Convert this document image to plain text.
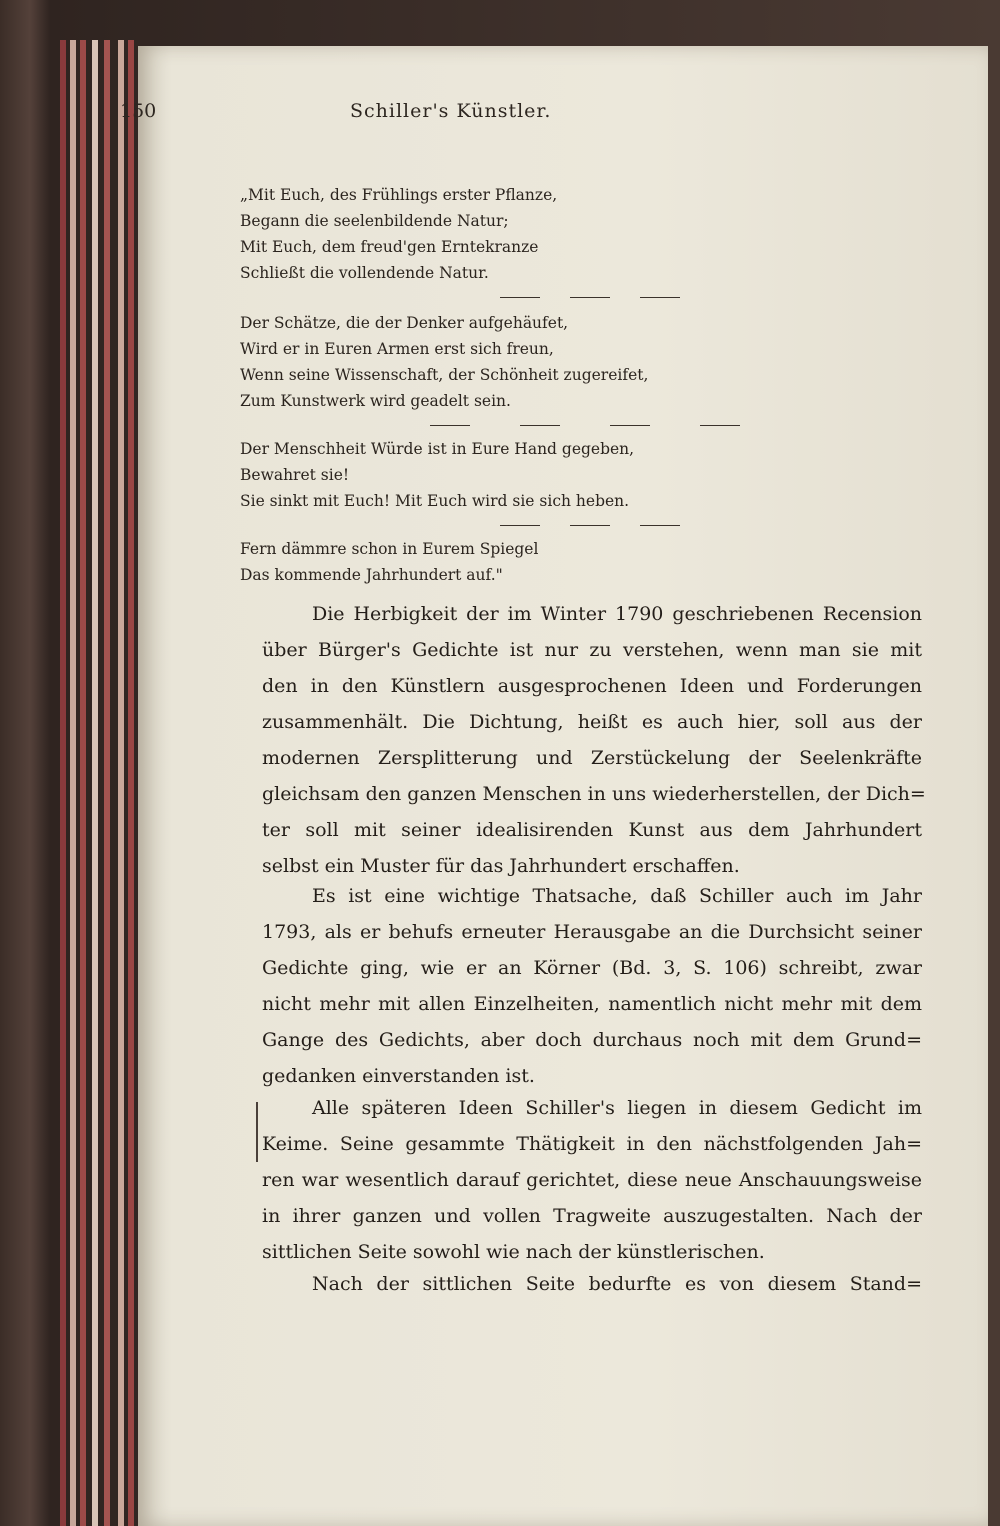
150	Schiller's Künstler.
„Mit Euch, des Frühlings erster Pflanze,
Begann die seelenbildende Natur;
Mit Euch, dem freud'gen Erntekranze
Schließt die vollendende Natur.
Der Schätze, die der Denker aufgehäufet,
Wird er in Euren Armen erst sich freun,
Wenn seine Wissenschaft, der Schönheit zugereifet,
Zum Kunstwerk wird geadelt sein.
Der Menschheit Würde ist in Eure Hand gegeben,
Bewahret sie!
Sie sinkt mit Euch! Mit Euch wird sie sich heben.
Fern dämmre schon in Eurem Spiegel
Das kommende Jahrhundert auf."
Die Herbigkeit der im Winter 1790 geschriebenen Recension
über Bürger's Gedichte ist nur zu verstehen, wenn man sie mit
den in den Künstlern ausgesprochenen Ideen und Forderungen
zusammenhält. Die Dichtung, heißt es auch hier, soll aus der
modernen Zersplitterung und Zerstückelung der Seelenkräfte
gleichsam den ganzen Menschen in uns wiederherstellen, der Dich=
ter soll mit seiner idealisirenden Kunst aus dem Jahrhundert
selbst ein Muster für das Jahrhundert erschaffen.
Es ist eine wichtige Thatsache, daß Schiller auch im Jahr
1793, als er behufs erneuter Herausgabe an die Durchsicht seiner
Gedichte ging, wie er an Körner (Bd. 3, S. 106) schreibt, zwar
nicht mehr mit allen Einzelheiten, namentlich nicht mehr mit dem
Gange des Gedichts, aber doch durchaus noch mit dem Grund=
gedanken einverstanden ist.
Alle späteren Ideen Schiller's liegen in diesem Gedicht im
Keime. Seine gesammte Thätigkeit in den nächstfolgenden Jah=
ren war wesentlich darauf gerichtet, diese neue Anschauungsweise
in ihrer ganzen und vollen Tragweite auszugestalten. Nach der
sittlichen Seite sowohl wie nach der künstlerischen.
Nach der sittlichen Seite bedurfte es von diesem Stand=
